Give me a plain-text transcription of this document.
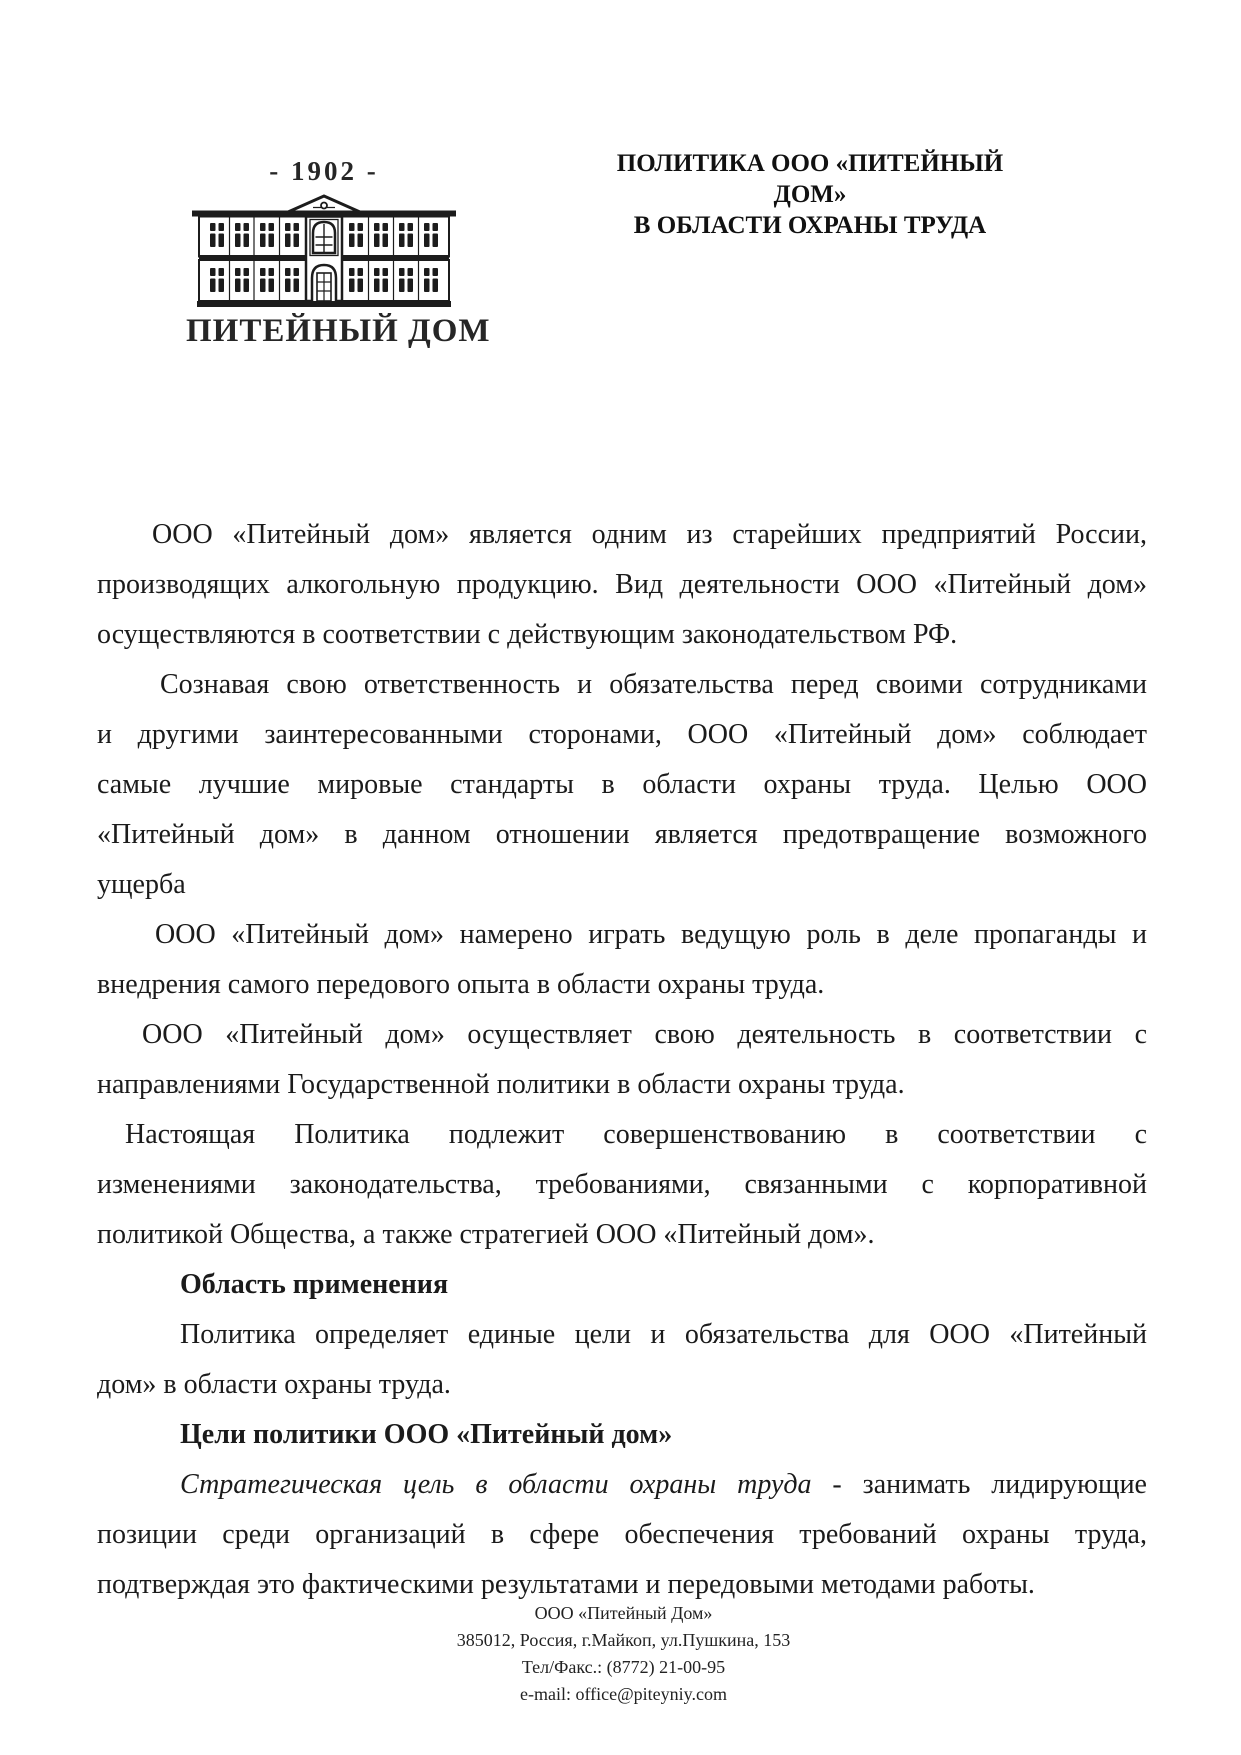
- 1902 -
ПИТЕЙНЫЙ ДОМ
ПОЛИТИКА ООО «ПИТЕЙНЫЙ ДОМ»
В ОБЛАСТИ ОХРАНЫ ТРУДА
ООО «Питейный дом» является одним из старейших предприятий России,
производящих алкогольную продукцию. Вид деятельности ООО «Питейный дом»
осуществляются в соответствии с действующим законодательством РФ.
Сознавая свою ответственность и обязательства перед своими сотрудниками
и другими заинтересованными сторонами, ООО «Питейный дом» соблюдает
самые лучшие мировые стандарты в области охраны труда. Целью ООО
«Питейный дом» в данном отношении является предотвращение возможного
ущерба
ООО «Питейный дом» намерено играть ведущую роль в деле пропаганды и
внедрения самого передового опыта в области охраны труда.
ООО «Питейный дом» осуществляет свою деятельность в соответствии с
направлениями Государственной политики в области охраны труда.
Настоящая Политика подлежит совершенствованию в соответствии с
изменениями законодательства, требованиями, связанными с корпоративной
политикой Общества, а также стратегией ООО «Питейный дом».
Область применения
Политика определяет единые цели и обязательства для ООО «Питейный
дом» в области охраны труда.
Цели политики ООО «Питейный дом»
Стратегическая цель в области охраны труда - занимать лидирующие
позиции среди организаций в сфере обеспечения требований охраны труда,
подтверждая это фактическими результатами и передовыми методами работы.
ООО «Питейный Дом»
385012, Россия, г.Майкоп, ул.Пушкина, 153
Тел/Факс.: (8772) 21-00-95
e-mail: office@piteyniy.com
